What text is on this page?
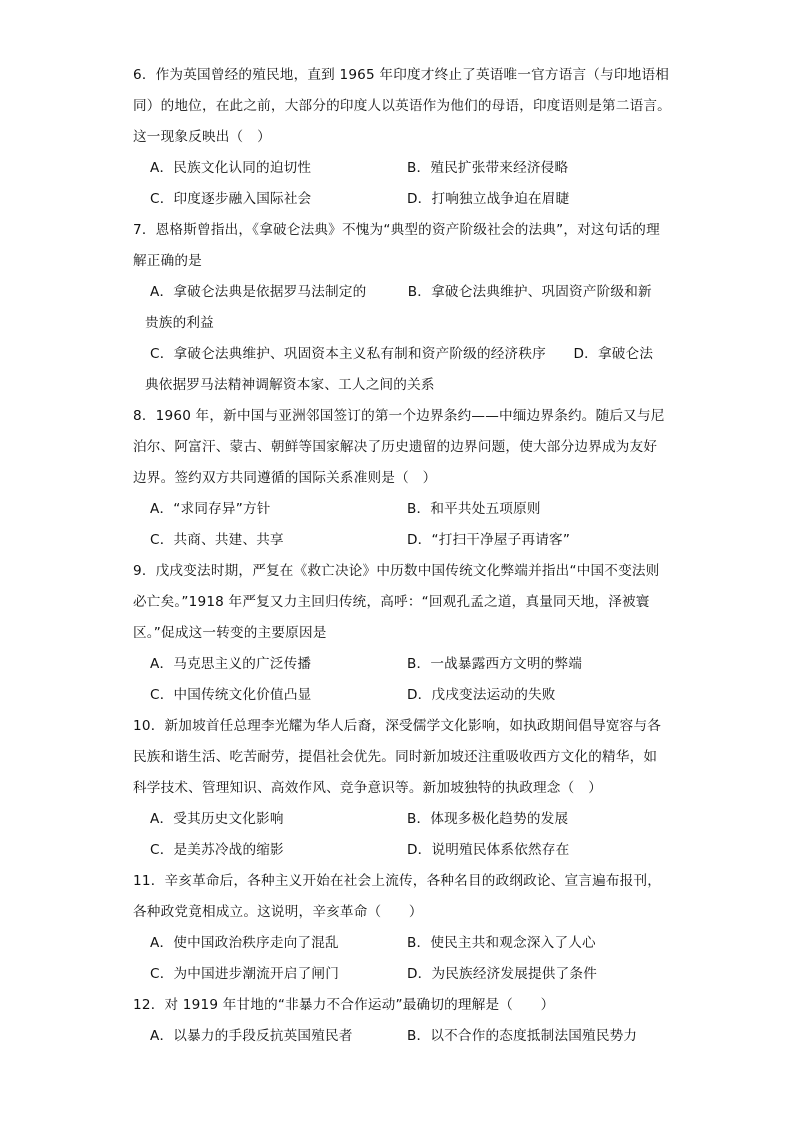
6．作为英国曾经的殖民地，直到 1965 年印度才终止了英语唯一官方语言（与印地语相
同）的地位，在此之前，大部分的印度人以英语作为他们的母语，印度语则是第二语言。
这一现象反映出（　）
A．民族文化认同的迫切性	B．殖民扩张带来经济侵略
C．印度逐步融入国际社会	D．打响独立战争迫在眉睫
7．恩格斯曾指出，《拿破仑法典》不愧为“典型的资产阶级社会的法典”，对这句话的理
解正确的是
A．拿破仑法典是依据罗马法制定的　　　B．拿破仑法典维护、巩固资产阶级和新
贵族的利益
C．拿破仑法典维护、巩固资本主义私有制和资产阶级的经济秩序　　D．拿破仑法
典依据罗马法精神调解资本家、工人之间的关系
8．1960 年，新中国与亚洲邻国签订的第一个边界条约——中缅边界条约。随后又与尼
泊尔、阿富汗、蒙古、朝鲜等国家解决了历史遗留的边界问题，使大部分边界成为友好
边界。签约双方共同遵循的国际关系准则是（　）
A．“求同存异”方针	B．和平共处五项原则
C．共商、共建、共享	D．“打扫干净屋子再请客”
9．戊戌变法时期，严复在《救亡决论》中历数中国传统文化弊端并指出“中国不变法则
必亡矣。”1918 年严复又力主回归传统，高呼：“回观孔孟之道，真量同天地，泽被寰
区。”促成这一转变的主要原因是
A．马克思主义的广泛传播	B．一战暴露西方文明的弊端
C．中国传统文化价值凸显	D．戊戌变法运动的失败
10．新加坡首任总理李光耀为华人后裔，深受儒学文化影响，如执政期间倡导宽容与各
民族和谐生活、吃苦耐劳，提倡社会优先。同时新加坡还注重吸收西方文化的精华，如
科学技术、管理知识、高效作风、竞争意识等。新加坡独特的执政理念（　）
A．受其历史文化影响	B．体现多极化趋势的发展
C．是美苏冷战的缩影	D．说明殖民体系依然存在
11．辛亥革命后，各种主义开始在社会上流传，各种名目的政纲政论、宣言遍布报刊，
各种政党竟相成立。这说明，辛亥革命（　　）
A．使中国政治秩序走向了混乱	B．使民主共和观念深入了人心
C．为中国进步潮流开启了闸门	D．为民族经济发展提供了条件
12．对 1919 年甘地的“非暴力不合作运动”最确切的理解是（　　）
A．以暴力的手段反抗英国殖民者	B．以不合作的态度抵制法国殖民势力
